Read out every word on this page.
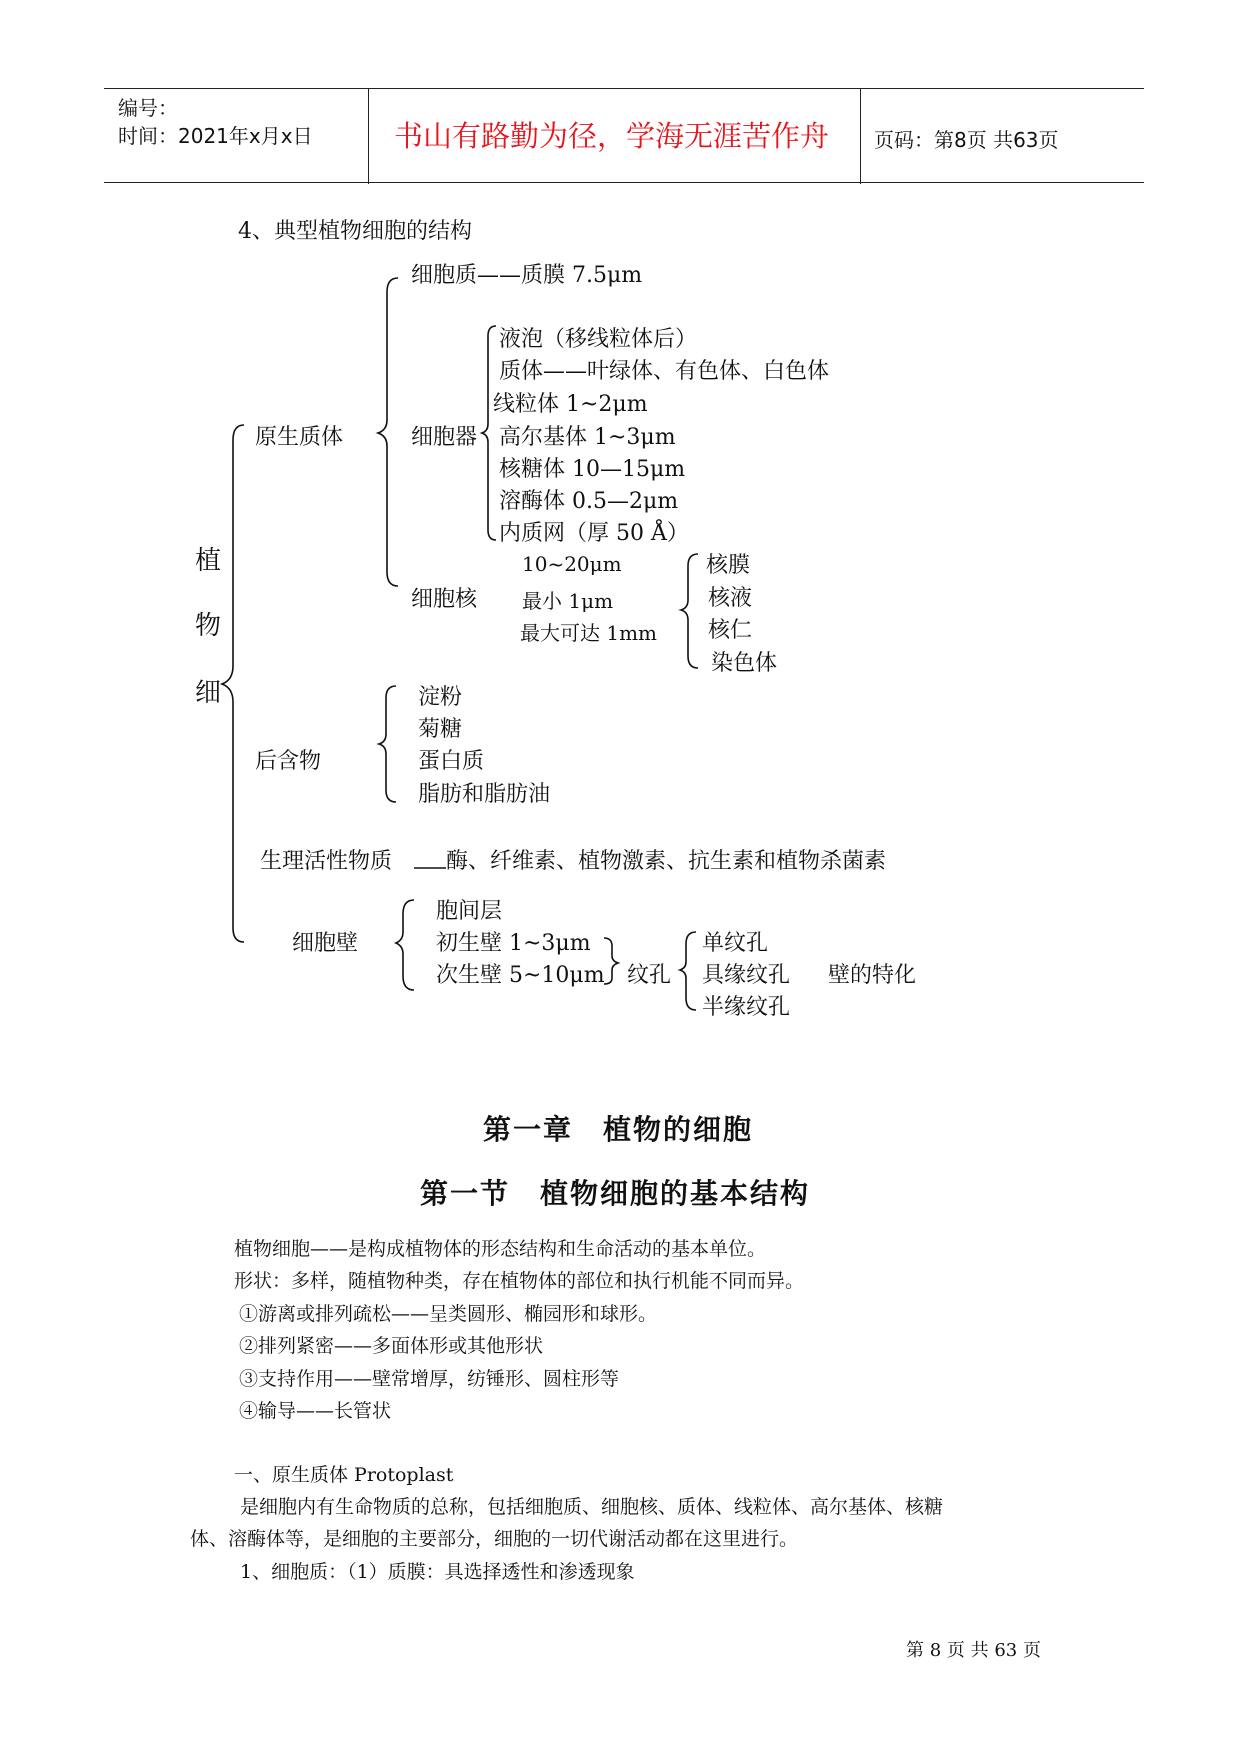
编号：
时间：2021年x月x日	书山有路勤为径，学海无涯苦作舟 页码：第8页 共63页
4、典型植物细胞的结构
植
物
细
原生质体
细胞质——质膜 7.5μm
细胞器
液泡（移线粒体后）
质体——叶绿体、有色体、白色体
线粒体 1~2μm
高尔基体 1~3μm
核糖体 10—15μm
溶酶体 0.5—2μm
内质网（厚 50 Å）
细胞核
10~20μm
最小 1μm
最大可达 1mm
核膜
核液
核仁
染色体
后含物
淀粉
菊糖
蛋白质
脂肪和脂肪油
生理活性物质 酶、纤维素、植物激素、抗生素和植物杀菌素
细胞壁
胞间层
初生壁 1~3μm
次生壁 5~10μm 纹孔
单纹孔
具缘纹孔
半缘纹孔
壁的特化
第一章　植物的细胞
第一节　植物细胞的基本结构
植物细胞——是构成植物体的形态结构和生命活动的基本单位。
形状：多样，随植物种类，存在植物体的部位和执行机能不同而异。
①游离或排列疏松——呈类圆形、椭园形和球形。
②排列紧密——多面体形或其他形状
③支持作用——壁常增厚，纺锤形、圆柱形等
④输导——长管状
一、原生质体 Protoplast
是细胞内有生命物质的总称，包括细胞质、细胞核、质体、线粒体、高尔基体、核糖
体、溶酶体等，是细胞的主要部分，细胞的一切代谢活动都在这里进行。
1、细胞质：（1）质膜：具选择透性和渗透现象
第 8 页 共 63 页
